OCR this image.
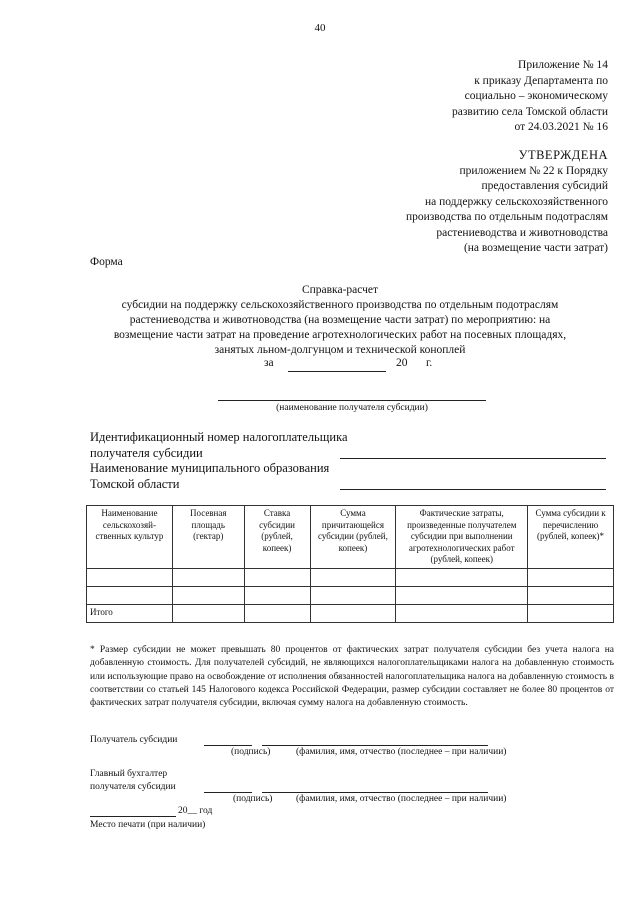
40
Приложение № 14
к приказу Департамента по
социально – экономическому
развитию села Томской области
от 24.03.2021 № 16
УТВЕРЖДЕНА
приложением № 22 к Порядку
предоставления субсидий
на поддержку сельскохозяйственного
производства по отдельным подотраслям
растениеводства и животноводства
(на возмещение части затрат)
Форма
Справка-расчет
субсидии на поддержку сельскохозяйственного производства по отдельным подотраслям
растениеводства и животноводства (на возмещение части затрат) по мероприятию: на
возмещение части затрат на проведение агротехнологических работ на посевных площадях,
занятых льном-долгунцом и технической коноплей
за	20 г.
(наименование получателя субсидии)
Идентификационный номер налогоплательщика
получателя субсидии
Наименование муниципального образования
Томской области
Наименование сельскохозяй-ственных культур	Посевная площадь (гектар)	Ставка субсидии (рублей, копеек)	Сумма причитающейся субсидии (рублей, копеек)	Фактические затраты, произведенные получателем субсидии при выполнении агротехнологических работ (рублей, копеек)	Сумма субсидии к перечислению (рублей, копеек)*

Итого					
* Размер субсидии не может превышать 80 процентов от фактических затрат получателя субсидии без учета налога на добавленную стоимость. Для получателей субсидий, не являющихся налогоплательщиками налога на добавленную стоимость или использующие право на освобождение от исполнения обязанностей налогоплательщика налога на добавленную стоимость в соответствии со статьей 145 Налогового кодекса Российской Федерации, размер субсидии составляет не более 80 процентов от фактических затрат получателя субсидии, включая сумму налога на добавленную стоимость.
Получатель субсидии
(подпись)	(фамилия, имя, отчество (последнее – при наличии)
Главный бухгалтер
получателя субсидии
(подпись) (фамилия, имя, отчество (последнее – при наличии)
20__ год
Место печати (при наличии)
